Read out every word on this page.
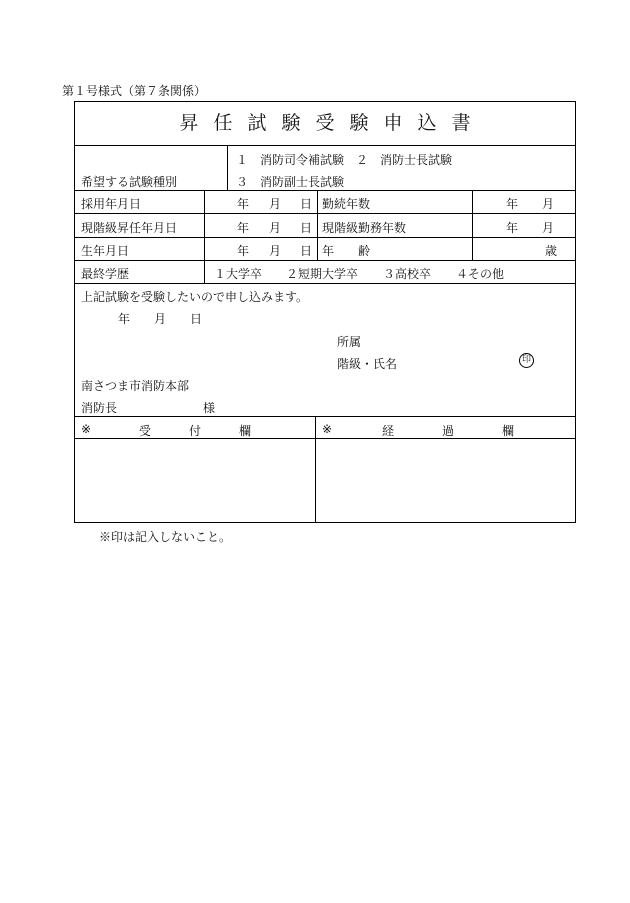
第１号様式（第７条関係）
昇任試験受験申込書
希望する試験種別
１　消防司令補試験　２　消防士長試験
３　消防副士長試験
採用年月日	年 月 日 勤続年数	年 月
現階級昇任年月日	年 月 日 現階級勤務年数	年 月
生年月日	年 月 日 年　　齢	歳
最終学歴	１大学卒 ２短期大学卒 ３高校卒 ４その他
上記試験を受験したいので申し込みます。
年　　月　　日
所属
階級・氏名	印
南さつま市消防本部
消防長	様
※	受付欄	※	経過欄
※印は記入しないこと。
